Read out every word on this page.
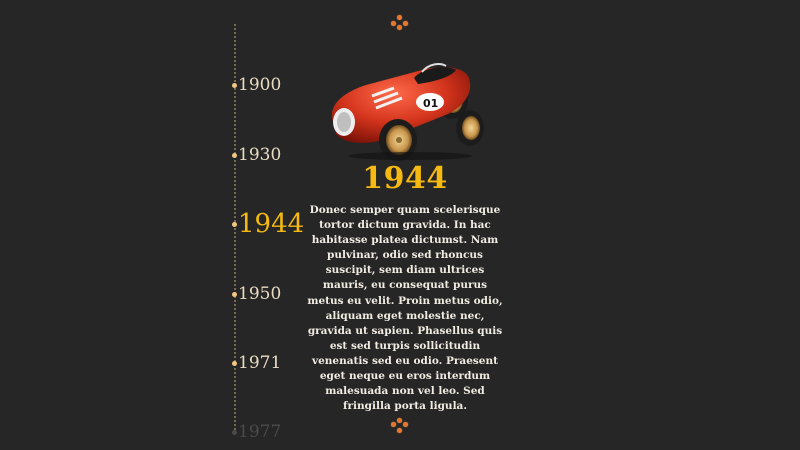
1900
1930
1944
1950
1971
1977
01
1944
Donec semper quam scelerisque tortor dictum gravida. In hac habitasse platea dictumst. Nam pulvinar, odio sed rhoncus suscipit, sem diam ultrices mauris, eu consequat purus metus eu velit. Proin metus odio, aliquam eget molestie nec, gravida ut sapien. Phasellus quis est sed turpis sollicitudin venenatis sed eu odio. Praesent eget neque eu eros interdum malesuada non vel leo. Sed fringilla porta ligula.
